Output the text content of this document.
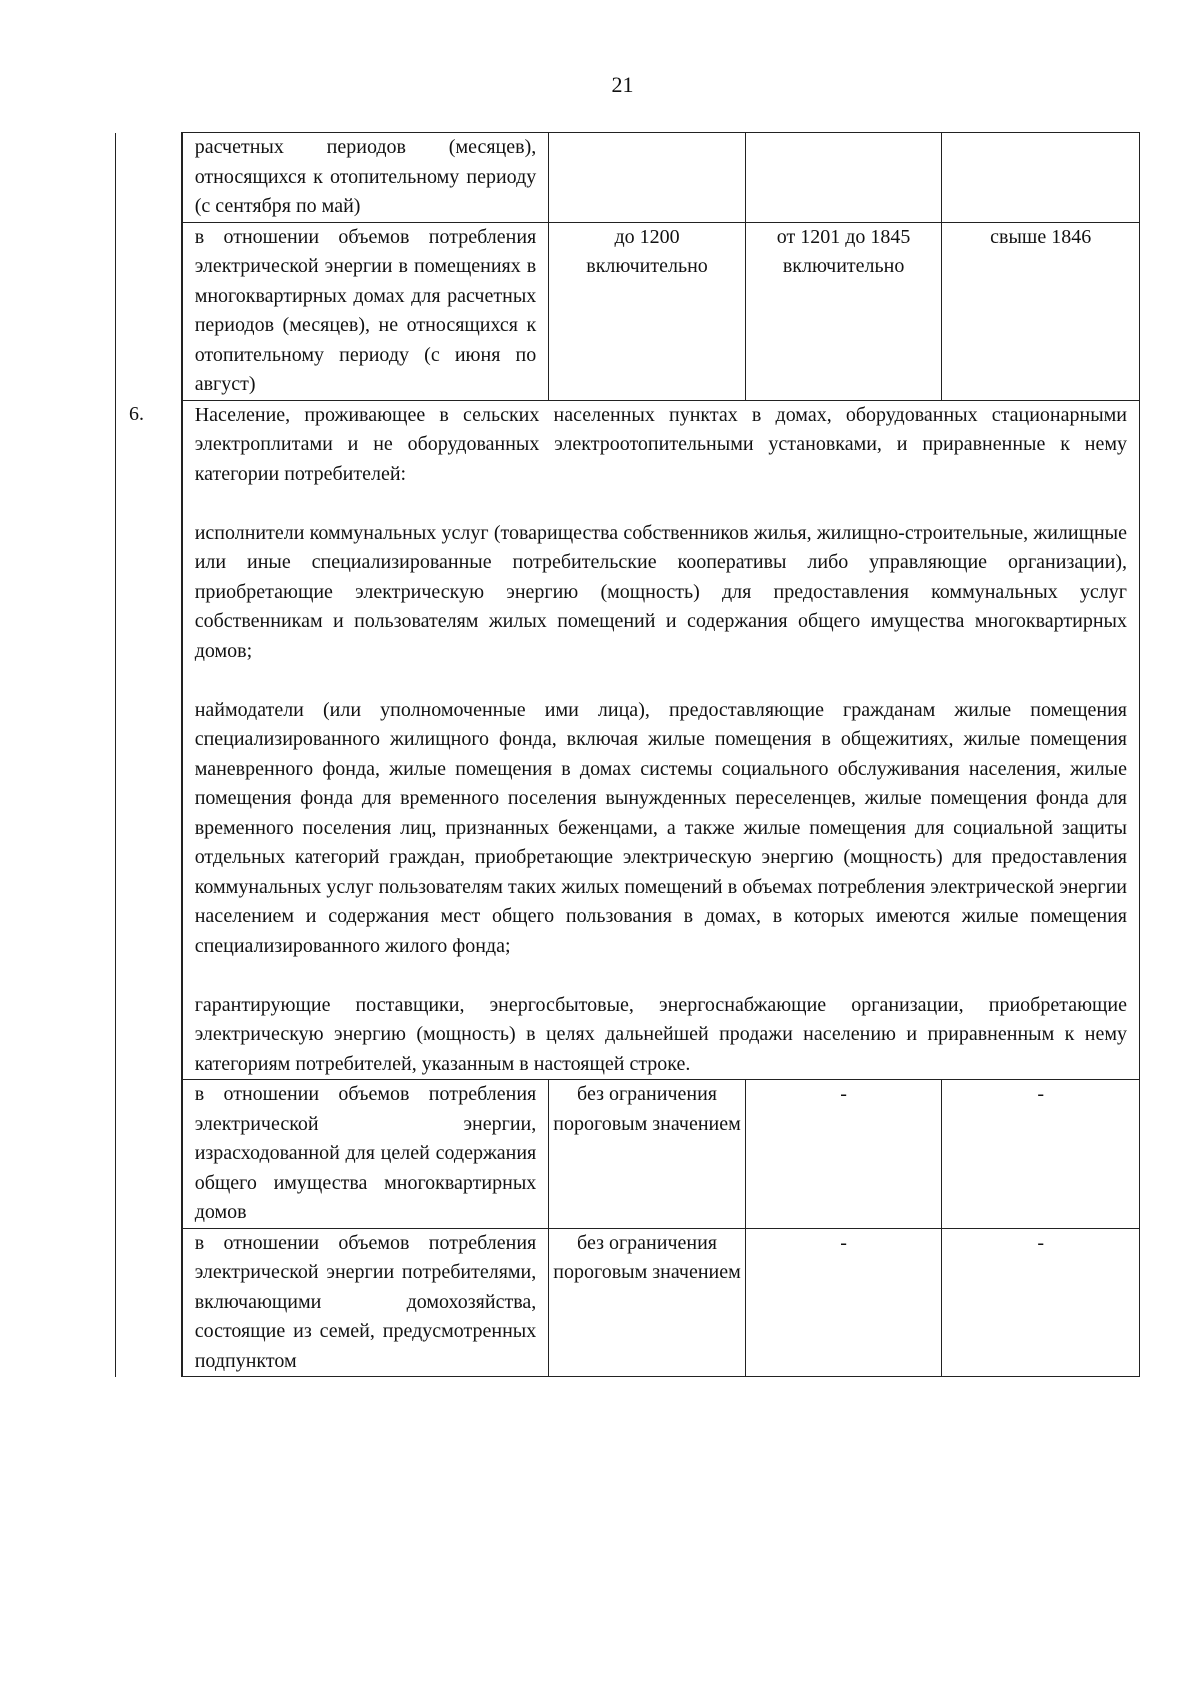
21
	расчетных периодов (месяцев), относящихся к отопительному периоду (с сентября по май)			
	в отношении объемов потребления электрической энергии в помещениях в многоквартирных домах для расчетных периодов (месяцев), не относящихся к отопительному периоду (с июня по август)	до 1200 включительно	от 1201 до 1845 включительно	свыше 1846

6.	Население, проживающее в сельских населенных пунктах в домах, оборудованных стационарными электроплитами и не оборудованных электроотопительными установками, и приравненные к нему категории потребителей:
исполнители коммунальных услуг (товарищества собственников жилья, жилищно-строительные, жилищные или иные специализированные потребительские кооперативы либо управляющие организации), приобретающие электрическую энергию (мощность) для предоставления коммунальных услуг собственникам и пользователям жилых помещений и содержания общего имущества многоквартирных домов;
наймодатели (или уполномоченные ими лица), предоставляющие гражданам жилые помещения специализированного жилищного фонда, включая жилые помещения в общежитиях, жилые помещения маневренного фонда, жилые помещения в домах системы социального обслуживания населения, жилые помещения фонда для временного поселения вынужденных переселенцев, жилые помещения фонда для временного поселения лиц, признанных беженцами, а также жилые помещения для социальной защиты отдельных категорий граждан, приобретающие электрическую энергию (мощность) для предоставления коммунальных услуг пользователям таких жилых помещений в объемах потребления электрической энергии населением и содержания мест общего пользования в домах, в которых имеются жилые помещения специализированного жилого фонда;
гарантирующие поставщики, энергосбытовые, энергоснабжающие организации, приобретающие электрическую энергию (мощность) в целях дальнейшей продажи населению и приравненным к нему категориям потребителей, указанным в настоящей строке.			

	в отношении объемов потребления электрической энергии, израсходованной для целей содержания общего имущества многоквартирных домов	без ограничения пороговым значением	-	-
	в отношении объемов потребления электрической энергии потребителями, включающими домохозяйства, состоящие из семей, предусмотренных подпунктом	без ограничения пороговым значением	-	-
